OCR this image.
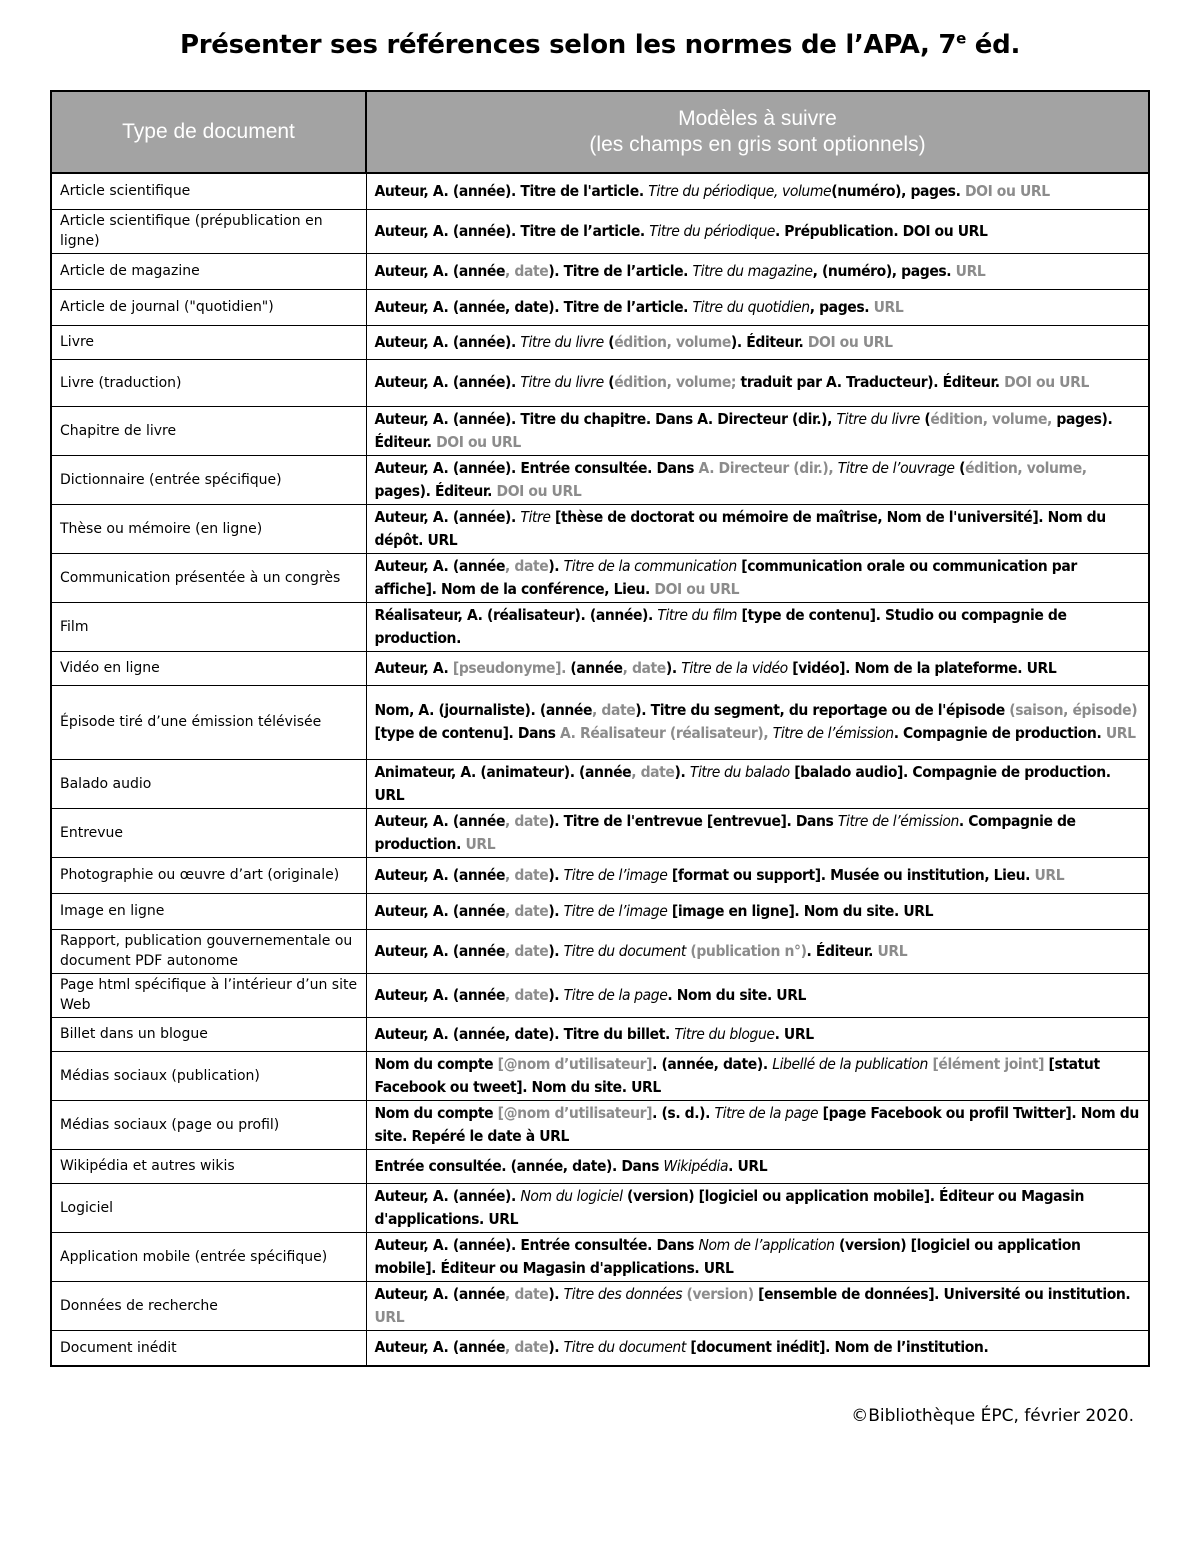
Présenter ses références selon les normes de l’APA, 7e éd.
Type de document	Modèles à suivre
(les champs en gris sont optionnels)

Article scientifique	Auteur, A. (année). Titre de l'article. Titre du périodique, volume(numéro), pages. DOI ou URL
Article scientifique (prépublication en ligne)	Auteur, A. (année). Titre de l’article. Titre du périodique. Prépublication. DOI ou URL
Article de magazine	Auteur, A. (année, date). Titre de l’article. Titre du magazine, (numéro), pages. URL
Article de journal ("quotidien")	Auteur, A. (année, date). Titre de l’article. Titre du quotidien, pages. URL
Livre	Auteur, A. (année). Titre du livre (édition, volume). Éditeur. DOI ou URL
Livre (traduction)	Auteur, A. (année). Titre du livre (édition, volume; traduit par A. Traducteur). Éditeur. DOI ou URL
Chapitre de livre	Auteur, A. (année). Titre du chapitre. Dans A. Directeur (dir.), Titre du livre (édition, volume, pages). Éditeur. DOI ou URL
Dictionnaire (entrée spécifique)	Auteur, A. (année). Entrée consultée. Dans A. Directeur (dir.), Titre de l’ouvrage (édition, volume, pages). Éditeur. DOI ou URL
Thèse ou mémoire (en ligne)	Auteur, A. (année). Titre [thèse de doctorat ou mémoire de maîtrise, Nom de l'université]. Nom du dépôt. URL
Communication présentée à un congrès	Auteur, A. (année, date). Titre de la communication [communication orale ou communication par affiche]. Nom de la conférence, Lieu. DOI ou URL
Film	Réalisateur, A. (réalisateur). (année). Titre du film [type de contenu]. Studio ou compagnie de production.
Vidéo en ligne	Auteur, A. [pseudonyme]. (année, date). Titre de la vidéo [vidéo]. Nom de la plateforme. URL
Épisode tiré d’une émission télévisée	Nom, A. (journaliste). (année, date). Titre du segment, du reportage ou de l'épisode (saison, épisode) [type de contenu]. Dans A. Réalisateur (réalisateur), Titre de l’émission. Compagnie de production. URL
Balado audio	Animateur, A. (animateur). (année, date). Titre du balado [balado audio]. Compagnie de production. URL
Entrevue	Auteur, A. (année, date). Titre de l'entrevue [entrevue]. Dans Titre de l’émission. Compagnie de production. URL
Photographie ou œuvre d’art (originale)	Auteur, A. (année, date). Titre de l’image [format ou support]. Musée ou institution, Lieu. URL
Image en ligne	Auteur, A. (année, date). Titre de l’image [image en ligne]. Nom du site. URL
Rapport, publication gouvernementale ou document PDF autonome	Auteur, A. (année, date). Titre du document (publication n°). Éditeur. URL
Page html spécifique à l’intérieur d’un site Web	Auteur, A. (année, date). Titre de la page. Nom du site. URL
Billet dans un blogue	Auteur, A. (année, date). Titre du billet. Titre du blogue. URL
Médias sociaux (publication)	Nom du compte [@nom d’utilisateur]. (année, date). Libellé de la publication [élément joint] [statut Facebook ou tweet]. Nom du site. URL
Médias sociaux (page ou profil)	Nom du compte [@nom d’utilisateur]. (s. d.). Titre de la page [page Facebook ou profil Twitter]. Nom du site. Repéré le date à URL
Wikipédia et autres wikis	Entrée consultée. (année, date). Dans Wikipédia. URL
Logiciel	Auteur, A. (année). Nom du logiciel (version) [logiciel ou application mobile]. Éditeur ou Magasin d'applications. URL
Application mobile (entrée spécifique)	Auteur, A. (année). Entrée consultée. Dans Nom de l’application (version) [logiciel ou application mobile]. Éditeur ou Magasin d'applications. URL
Données de recherche	Auteur, A. (année, date). Titre des données (version) [ensemble de données]. Université ou institution. URL
Document inédit	Auteur, A. (année, date). Titre du document [document inédit]. Nom de l’institution.
©Bibliothèque ÉPC, février 2020.
